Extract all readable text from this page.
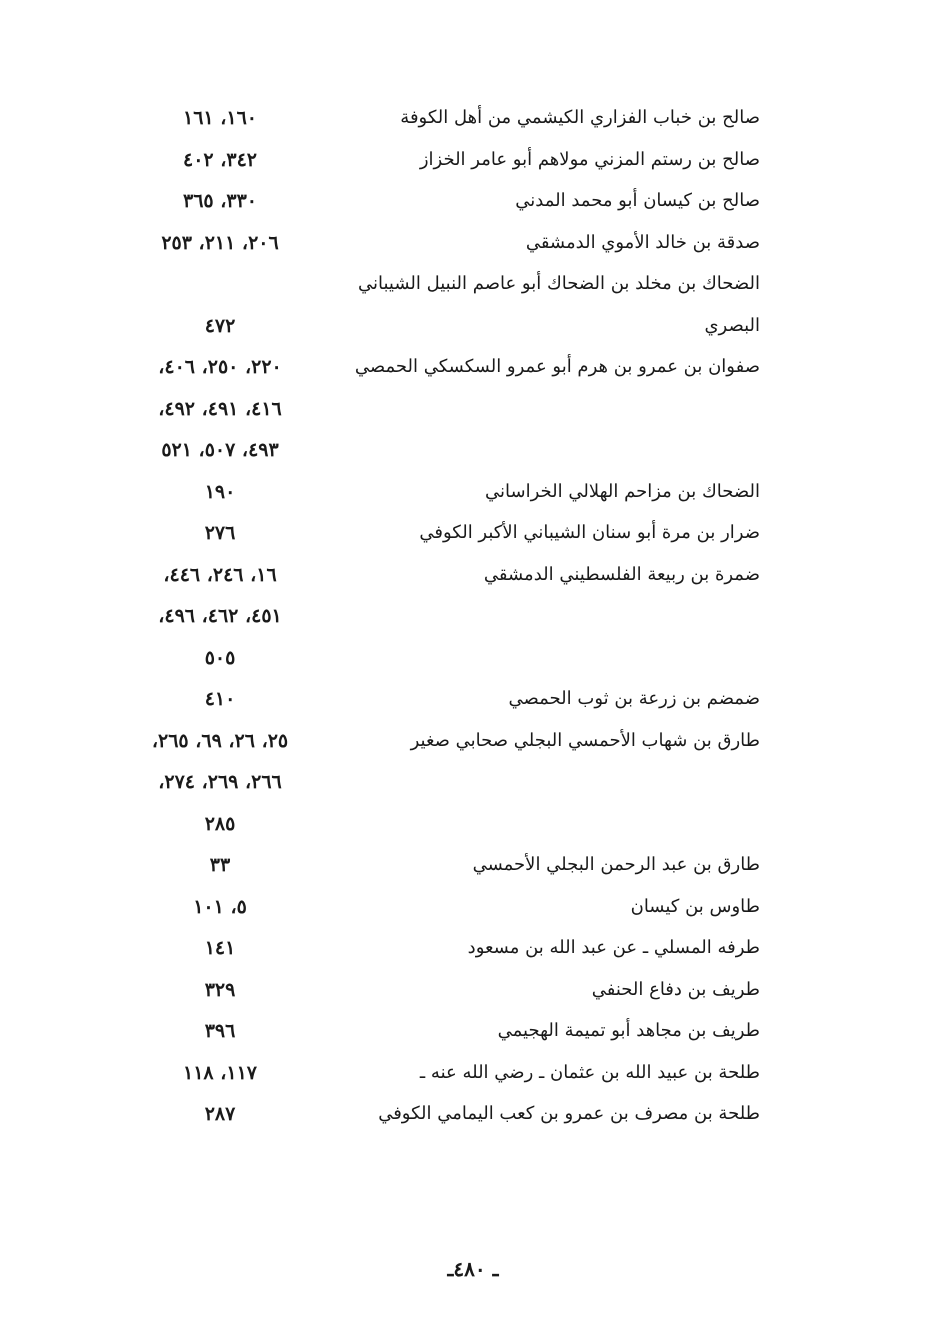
صالح بن خباب الفزاري الكيشمي من أهل الكوفة
١٦٠، ١٦١
صالح بن رستم المزني مولاهم أبو عامر الخزاز
٣٤٢، ٤٠٢
صالح بن كيسان أبو محمد المدني
٣٣٠، ٣٦٥
صدقة بن خالد الأموي الدمشقي
٢٠٦، ٢١١، ٢٥٣
الضحاك بن مخلد بن الضحاك أبو عاصم النبيل الشيباني
البصري
٤٧٢
صفوان بن عمرو بن هرم أبو عمرو السكسكي الحمصي
٢٢٠، ٢٥٠، ٤٠٦،
٤١٦، ٤٩١، ٤٩٢،
٤٩٣، ٥٠٧، ٥٢١
الضحاك بن مزاحم الهلالي الخراساني
١٩٠
ضرار بن مرة أبو سنان الشيباني الأكبر الكوفي
٢٧٦
ضمرة بن ربيعة الفلسطيني الدمشقي
١٦، ٢٤٦، ٤٤٦،
٤٥١، ٤٦٢، ٤٩٦،
٥٠٥
ضمضم بن زرعة بن ثوب الحمصي
٤١٠
طارق بن شهاب الأحمسي البجلي صحابي صغير
٢٥، ٢٦، ٦٩، ٢٦٥،
٢٦٦، ٢٦٩، ٢٧٤،
٢٨٥
طارق بن عبد الرحمن البجلي الأحمسي
٣٣
طاوس بن كيسان
٥، ١٠١
طرفه المسلي ـ عن عبد الله بن مسعود
١٤١
طريف بن دفاع الحنفي
٣٢٩
طريف بن مجاهد أبو تميمة الهجيمي
٣٩٦
طلحة بن عبيد الله بن عثمان ـ رضي الله عنه ـ
١١٧، ١١٨
طلحة بن مصرف بن عمرو بن كعب اليمامي الكوفي
٢٨٧
ـ ٤٨٠ـ
